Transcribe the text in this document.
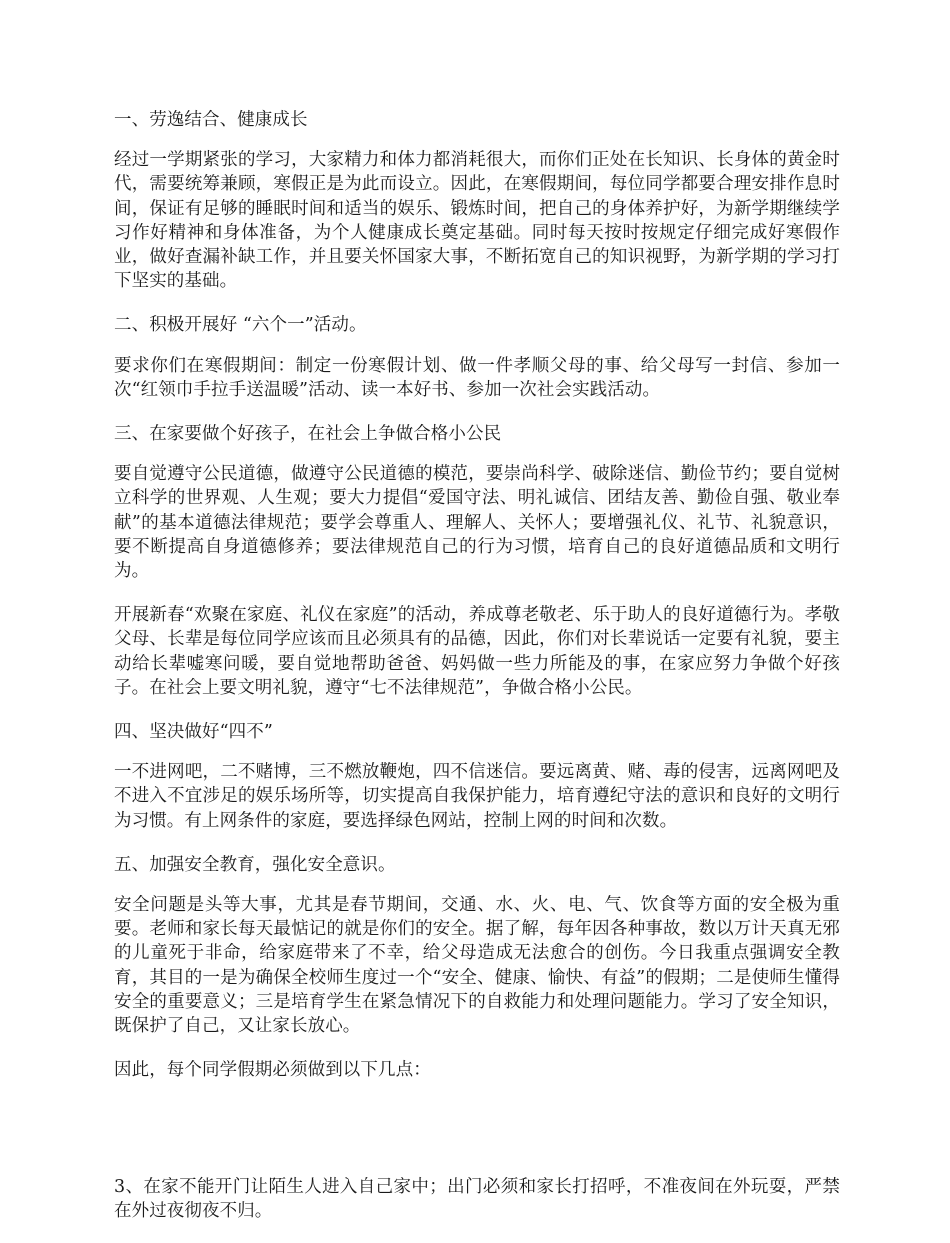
一、劳逸结合、健康成长

经过一学期紧张的学习，大家精力和体力都消耗很大，而你们正处在长知识、长身体的黄金时代，需要统筹兼顾，寒假正是为此而设立。因此，在寒假期间，每位同学都要合理安排作息时间，保证有足够的睡眠时间和适当的娱乐、锻炼时间，把自己的身体养护好，为新学期继续学习作好精神和身体准备，为个人健康成长奠定基础。同时每天按时按规定仔细完成好寒假作业，做好查漏补缺工作，并且要关怀国家大事，不断拓宽自己的知识视野，为新学期的学习打下坚实的基础。

二、积极开展好 “六个一”活动。

要求你们在寒假期间：制定一份寒假计划、做一件孝顺父母的事、给父母写一封信、参加一次“红领巾手拉手送温暖”活动、读一本好书、参加一次社会实践活动。

三、在家要做个好孩子，在社会上争做合格小公民

要自觉遵守公民道德，做遵守公民道德的模范，要崇尚科学、破除迷信、勤俭节约；要自觉树立科学的世界观、人生观；要大力提倡“爱国守法、明礼诚信、团结友善、勤俭自强、敬业奉献”的基本道德法律规范；要学会尊重人、理解人、关怀人；要增强礼仪、礼节、礼貌意识，要不断提高自身道德修养；要法律规范自己的行为习惯，培育自己的良好道德品质和文明行为。

开展新春“欢聚在家庭、礼仪在家庭”的活动，养成尊老敬老、乐于助人的良好道德行为。孝敬父母、长辈是每位同学应该而且必须具有的品德，因此，你们对长辈说话一定要有礼貌，要主动给长辈嘘寒问暖，要自觉地帮助爸爸、妈妈做一些力所能及的事，在家应努力争做个好孩子。在社会上要文明礼貌，遵守“七不法律规范”，争做合格小公民。

四、坚决做好“四不”

一不进网吧，二不赌博，三不燃放鞭炮，四不信迷信。要远离黄、赌、毒的侵害，远离网吧及不进入不宜涉足的娱乐场所等，切实提高自我保护能力，培育遵纪守法的意识和良好的文明行为习惯。有上网条件的家庭，要选择绿色网站，控制上网的时间和次数。

五、加强安全教育，强化安全意识。

安全问题是头等大事，尤其是春节期间，交通、水、火、电、气、饮食等方面的安全极为重要。老师和家长每天最惦记的就是你们的安全。据了解，每年因各种事故，数以万计天真无邪的儿童死于非命，给家庭带来了不幸，给父母造成无法愈合的创伤。今日我重点强调安全教育，其目的一是为确保全校师生度过一个“安全、健康、愉快、有益”的假期；二是使师生懂得安全的重要意义；三是培育学生在紧急情况下的自救能力和处理问题能力。学习了安全知识，既保护了自己，又让家长放心。

因此，每个同学假期必须做到以下几点：

3、在家不能开门让陌生人进入自己家中；出门必须和家长打招呼，不准夜间在外玩耍，严禁在外过夜彻夜不归。
